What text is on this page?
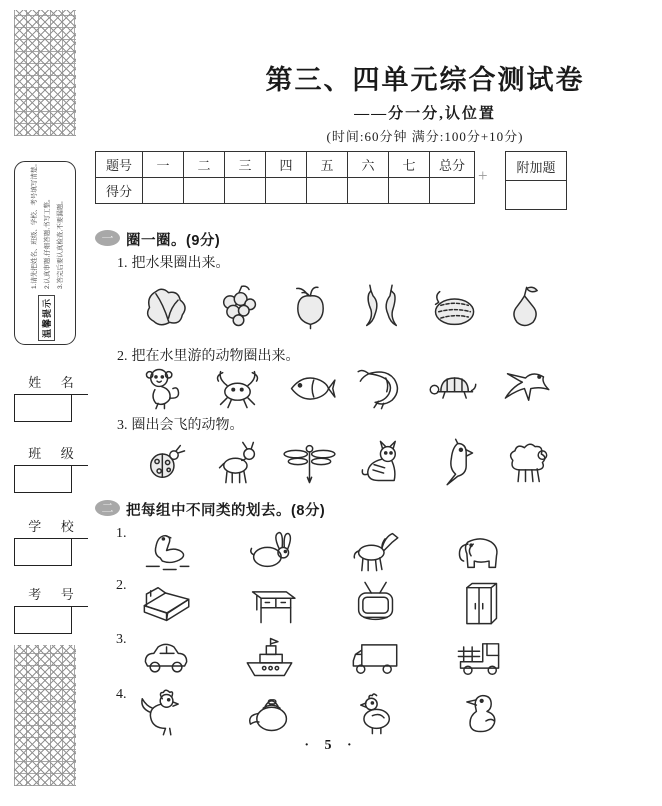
温馨提示
1.请先把姓名、班级、学校、考号填写清楚。 2.认真审题,仔细答题,书写工整。 3.答完后要认真检查,不要漏题。
姓 名
班 级
学 校
考 号
第三、四单元综合测试卷
——分一分,认位置
(时间:60分钟 满分:100分+10分)
题号	一	二	三	四	五	六	七	总分
得分								
+ 附加题

一 圈一圈。(9分)
1. 把水果圈出来。
2. 把在水里游的动物圈出来。
3. 圈出会飞的动物。
二 把每组中不同类的划去。(8分)
1.
2.
3.
4.
· 5 ·
